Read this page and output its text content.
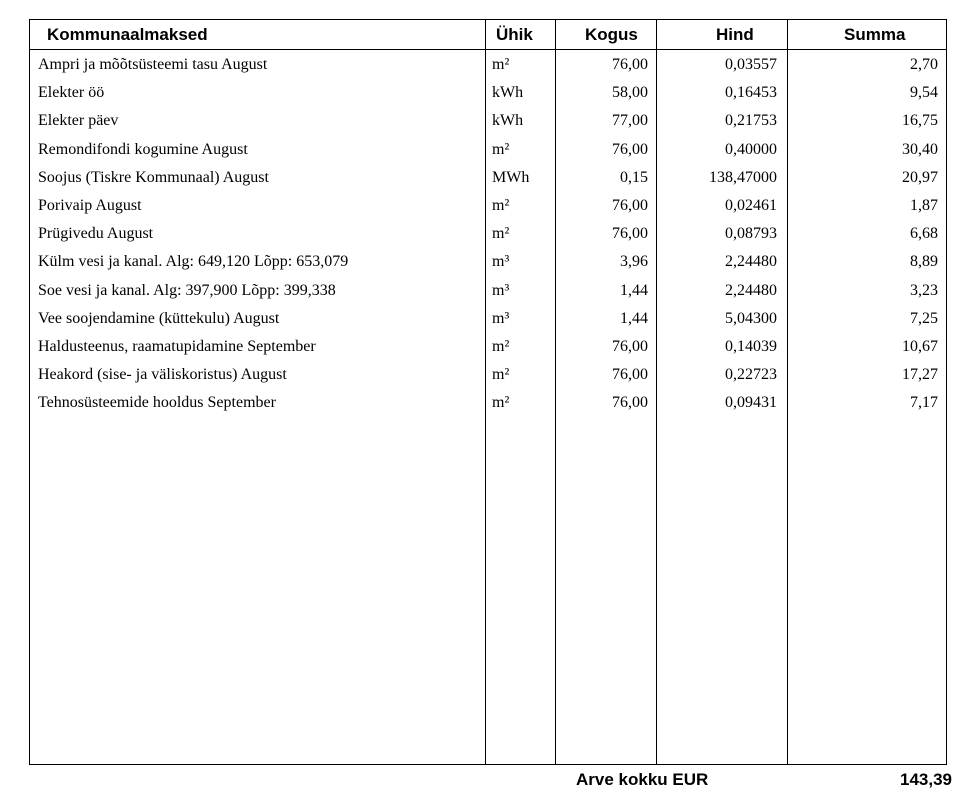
Kommunaalmaksed	Ühik	Kogus	Hind	Summa
Ampri ja mõõtsüsteemi tasu August	m²	76,00	0,03557	2,70
Elekter öö	kWh	58,00	0,16453	9,54
Elekter päev	kWh	77,00	0,21753	16,75
Remondifondi kogumine August	m²	76,00	0,40000	30,40
Soojus (Tiskre Kommunaal) August	MWh	0,15	138,47000	20,97
Porivaip August	m²	76,00	0,02461	1,87
Prügivedu August	m²	76,00	0,08793	6,68
Külm vesi ja kanal. Alg: 649,120 Lõpp: 653,079	m³	3,96	2,24480	8,89
Soe vesi ja kanal. Alg: 397,900 Lõpp: 399,338	m³	1,44	2,24480	3,23
Vee soojendamine (küttekulu) August	m³	1,44	5,04300	7,25
Haldusteenus, raamatupidamine September	m²	76,00	0,14039	10,67
Heakord (sise- ja väliskoristus) August	m²	76,00	0,22723	17,27
Tehnosüsteemide hooldus September	m²	76,00	0,09431	7,17
Arve kokku EUR	143,39
